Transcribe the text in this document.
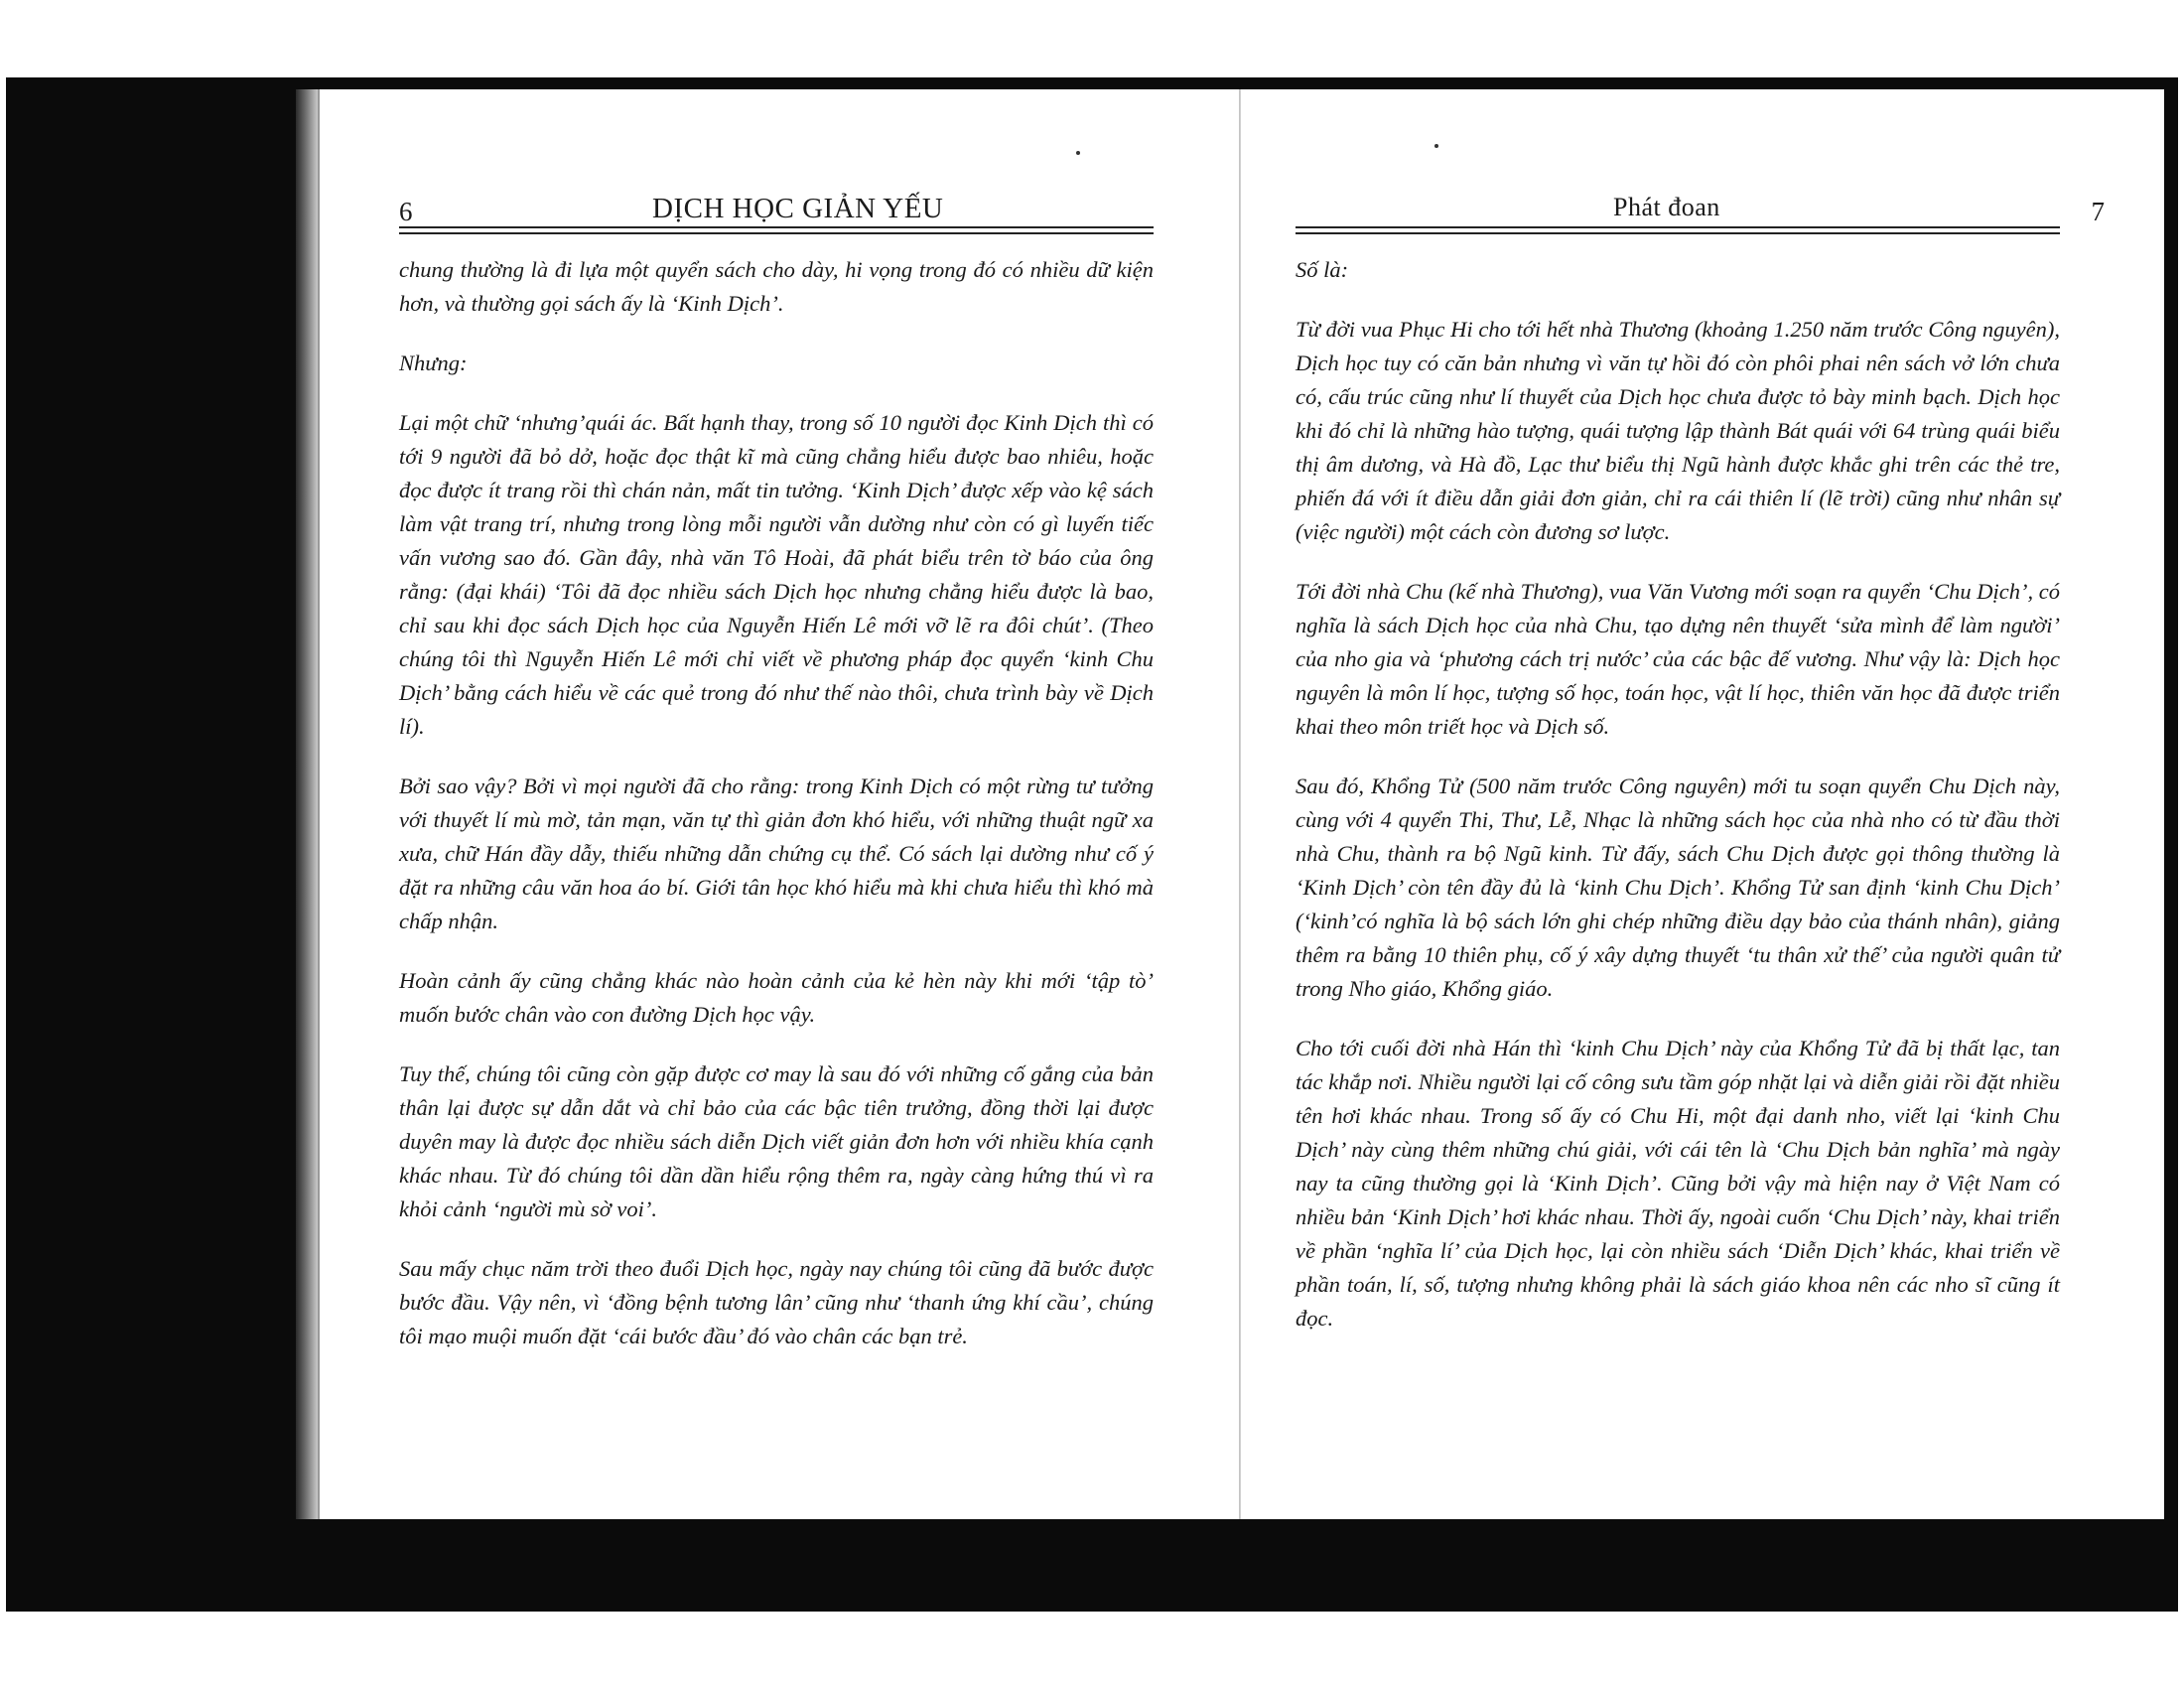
6	DỊCH HỌC GIẢN YẾU

chung thường là đi lựa một quyển sách cho dày, hi vọng trong đó có nhiều dữ kiện hơn, và thường gọi sách ấy là ‘Kinh Dịch’.

Nhưng:

Lại một chữ ‘nhưng’quái ác. Bất hạnh thay, trong số 10 người đọc Kinh Dịch thì có tới 9 người đã bỏ dở, hoặc đọc thật kĩ mà cũng chẳng hiểu được bao nhiêu, hoặc đọc được ít trang rồi thì chán nản, mất tin tưởng. ‘Kinh Dịch’ được xếp vào kệ sách làm vật trang trí, nhưng trong lòng mỗi người vẫn dường như còn có gì luyến tiếc vấn vương sao đó. Gần đây, nhà văn Tô Hoài, đã phát biểu trên tờ báo của ông rằng: (đại khái) ‘Tôi đã đọc nhiều sách Dịch học nhưng chẳng hiểu được là bao, chỉ sau khi đọc sách Dịch học của Nguyễn Hiến Lê mới vỡ lẽ ra đôi chút’. (Theo chúng tôi thì Nguyễn Hiến Lê mới chỉ viết về phương pháp đọc quyển ‘kinh Chu Dịch’ bằng cách hiểu về các quẻ trong đó như thế nào thôi, chưa trình bày về Dịch lí).

Bởi sao vậy? Bởi vì mọi người đã cho rằng: trong Kinh Dịch có một rừng tư tưởng với thuyết lí mù mờ, tản mạn, văn tự thì giản đơn khó hiểu, với những thuật ngữ xa xưa, chữ Hán đầy dẫy, thiếu những dẫn chứng cụ thể. Có sách lại dường như cố ý đặt ra những câu văn hoa áo bí. Giới tân học khó hiểu mà khi chưa hiểu thì khó mà chấp nhận.

Hoàn cảnh ấy cũng chẳng khác nào hoàn cảnh của kẻ hèn này khi mới ‘tập tò’ muốn bước chân vào con đường Dịch học vậy.

Tuy thế, chúng tôi cũng còn gặp được cơ may là sau đó với những cố gắng của bản thân lại được sự dẫn dắt và chỉ bảo của các bậc tiên trưởng, đồng thời lại được duyên may là được đọc nhiều sách diễn Dịch viết giản đơn hơn với nhiều khía cạnh khác nhau. Từ đó chúng tôi dần dần hiểu rộng thêm ra, ngày càng hứng thú vì ra khỏi cảnh ‘người mù sờ voi’.

Sau mấy chục năm trời theo đuổi Dịch học, ngày nay chúng tôi cũng đã bước được bước đầu. Vậy nên, vì ‘đồng bệnh tương lân’ cũng như ‘thanh ứng khí cầu’, chúng tôi mạo muội muốn đặt ‘cái bước đầu’ đó vào chân các bạn trẻ.

Phát đoan	7

Số là:

Từ đời vua Phục Hi cho tới hết nhà Thương (khoảng 1.250 năm trước Công nguyên), Dịch học tuy có căn bản nhưng vì văn tự hồi đó còn phôi phai nên sách vở lớn chưa có, cấu trúc cũng như lí thuyết của Dịch học chưa được tỏ bày minh bạch. Dịch học khi đó chỉ là những hào tượng, quái tượng lập thành Bát quái với 64 trùng quái biểu thị âm dương, và Hà đồ, Lạc thư biểu thị Ngũ hành được khắc ghi trên các thẻ tre, phiến đá với ít điều dẫn giải đơn giản, chỉ ra cái thiên lí (lẽ trời) cũng như nhân sự (việc người) một cách còn đương sơ lược.

Tới đời nhà Chu (kế nhà Thương), vua Văn Vương mới soạn ra quyển ‘Chu Dịch’, có nghĩa là sách Dịch học của nhà Chu, tạo dựng nên thuyết ‘sửa mình để làm người’ của nho gia và ‘phương cách trị nước’ của các bậc đế vương. Như vậy là: Dịch học nguyên là môn lí học, tượng số học, toán học, vật lí học, thiên văn học đã được triển khai theo môn triết học và Dịch số.

Sau đó, Khổng Tử (500 năm trước Công nguyên) mới tu soạn quyển Chu Dịch này, cùng với 4 quyển Thi, Thư, Lễ, Nhạc là những sách học của nhà nho có từ đầu thời nhà Chu, thành ra bộ Ngũ kinh. Từ đấy, sách Chu Dịch được gọi thông thường là ‘Kinh Dịch’ còn tên đầy đủ là ‘kinh Chu Dịch’. Khổng Tử san định ‘kinh Chu Dịch’ (‘kinh’có nghĩa là bộ sách lớn ghi chép những điều dạy bảo của thánh nhân), giảng thêm ra bằng 10 thiên phụ, cố ý xây dựng thuyết ‘tu thân xử thế’ của người quân tử trong Nho giáo, Khổng giáo.

Cho tới cuối đời nhà Hán thì ‘kinh Chu Dịch’ này của Khổng Tử đã bị thất lạc, tan tác khắp nơi. Nhiều người lại cố công sưu tầm góp nhặt lại và diễn giải rồi đặt nhiều tên hơi khác nhau. Trong số ấy có Chu Hi, một đại danh nho, viết lại ‘kinh Chu Dịch’ này cùng thêm những chú giải, với cái tên là ‘Chu Dịch bản nghĩa’ mà ngày nay ta cũng thường gọi là ‘Kinh Dịch’. Cũng bởi vậy mà hiện nay ở Việt Nam có nhiều bản ‘Kinh Dịch’ hơi khác nhau. Thời ấy, ngoài cuốn ‘Chu Dịch’ này, khai triển về phần ‘nghĩa lí’ của Dịch học, lại còn nhiều sách ‘Diễn Dịch’ khác, khai triển về phần toán, lí, số, tượng nhưng không phải là sách giáo khoa nên các nho sĩ cũng ít đọc.
